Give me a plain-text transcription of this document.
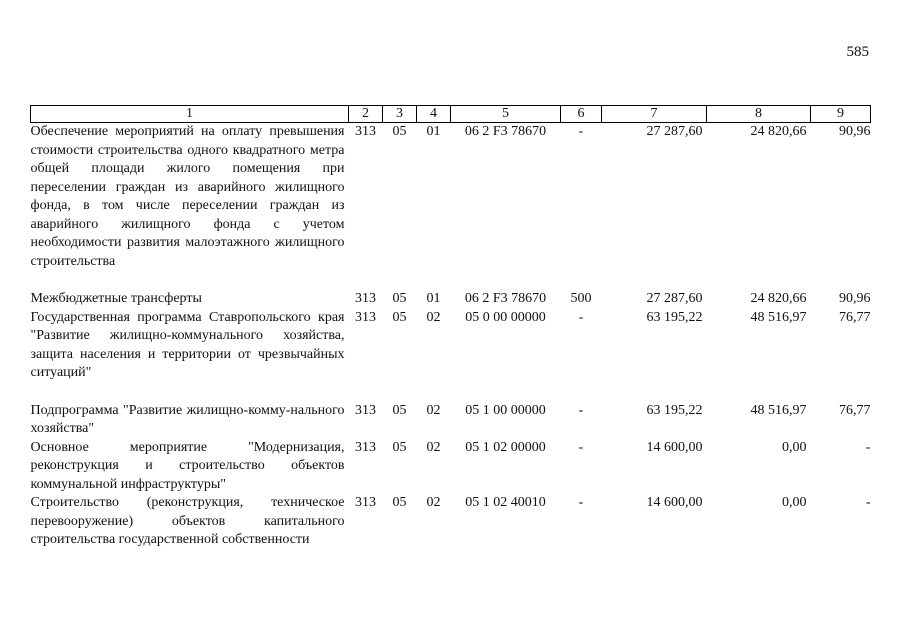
585
1	2	3	4	5	6	7	8	9
Обеспечение мероприятий на оплату превышения стоимости строительства одного квадратного метра общей площади жилого помещения при переселении граждан из аварийного жилищного фонда, в том числе переселении граждан из аварийного жилищного фонда с учетом необходимости развития малоэтажного жилищного строительства	313	05	01	06 2 F3 78670	-	27 287,60	24 820,66	90,96
Межбюджетные трансферты	313	05	01	06 2 F3 78670	500	27 287,60	24 820,66	90,96
Государственная программа Ставропольского края "Развитие жилищно-коммунального хозяйства, защита населения и территории от чрезвычайных ситуаций"	313	05	02	05 0 00 00000	-	63 195,22	48 516,97	76,77
Подпрограмма "Развитие жилищно-комму-нального хозяйства"	313	05	02	05 1 00 00000	-	63 195,22	48 516,97	76,77
Основное мероприятие "Модернизация, реконструкция и строительство объектов коммунальной инфраструктуры"	313	05	02	05 1 02 00000	-	14 600,00	0,00	-
Строительство (реконструкция, техническое перевооружение) объектов капитального строительства государственной собственности	313	05	02	05 1 02 40010	-	14 600,00	0,00	-
